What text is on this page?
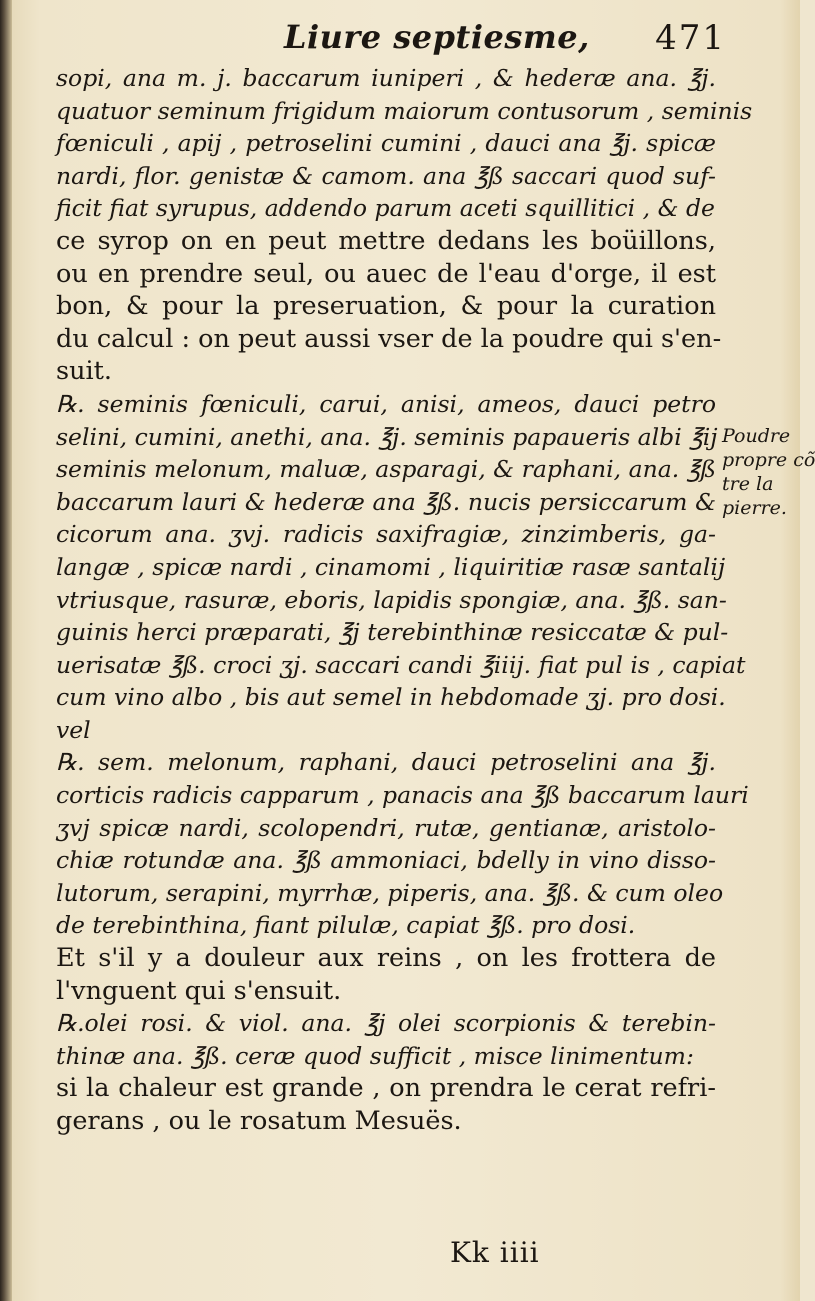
Liure septiesme, 471
sopi, ana m. j. baccarum iuniperi , & hederæ ana. ℥j.
quatuor seminum frigidum maiorum contusorum , seminis
fœniculi , apij , petroselini cumini , dauci ana ℥j. spicæ
nardi, flor. genistæ & camom. ana ℥ß saccari quod suf-
ficit fiat syrupus, addendo parum aceti squillitici , & de
ce syrop on en peut mettre dedans les boüillons,
ou en prendre seul, ou auec de l'eau d'orge, il est
bon, & pour la preseruation, & pour la curation
du calcul : on peut aussi vser de la poudre qui s'en-
suit.
℞. seminis fœniculi, carui, anisi, ameos, dauci petro
selini, cumini, anethi, ana. ℥j. seminis papaueris albi ℥ij
seminis melonum, maluæ, asparagi, & raphani, ana. ℥ß
baccarum lauri & hederæ ana ℥ß. nucis persiccarum &
cicorum ana. ʒvj. radicis saxifragiæ, zinzimberis, ga-
langæ , spicæ nardi , cinamomi , liquiritiæ rasæ santalij
vtriusque, rasuræ, eboris, lapidis spongiæ, ana. ℥ß. san-
guinis herci præparati, ℥j terebinthinæ resiccatæ & pul-
uerisatæ ℥ß. croci ʒj. saccari candi ℥iiij. fiat pul is , capiat
cum vino albo , bis aut semel in hebdomade ʒj. pro dosi.
vel
℞. sem. melonum, raphani, dauci petroselini ana ℥j.
corticis radicis capparum , panacis ana ℥ß baccarum lauri
ʒvj spicæ nardi, scolopendri, rutæ, gentianæ, aristolo-
chiæ rotundæ ana. ℥ß ammoniaci, bdelly in vino disso-
lutorum, serapini, myrrhæ, piperis, ana. ℥ß. & cum oleo
de terebinthina, fiant pilulæ, capiat ℥ß. pro dosi.
Et s'il y a douleur aux reins , on les frottera de
l'vnguent qui s'ensuit.
℞.olei rosi. & viol. ana. ℥j olei scorpionis & terebin-
thinæ ana. ℥ß. ceræ quod sufficit , misce linimentum:
si la chaleur est grande , on prendra le cerat refri-
gerans , ou le rosatum Mesuës.
Poudre
propre cõ
tre la
pierre.
Kk iiii
